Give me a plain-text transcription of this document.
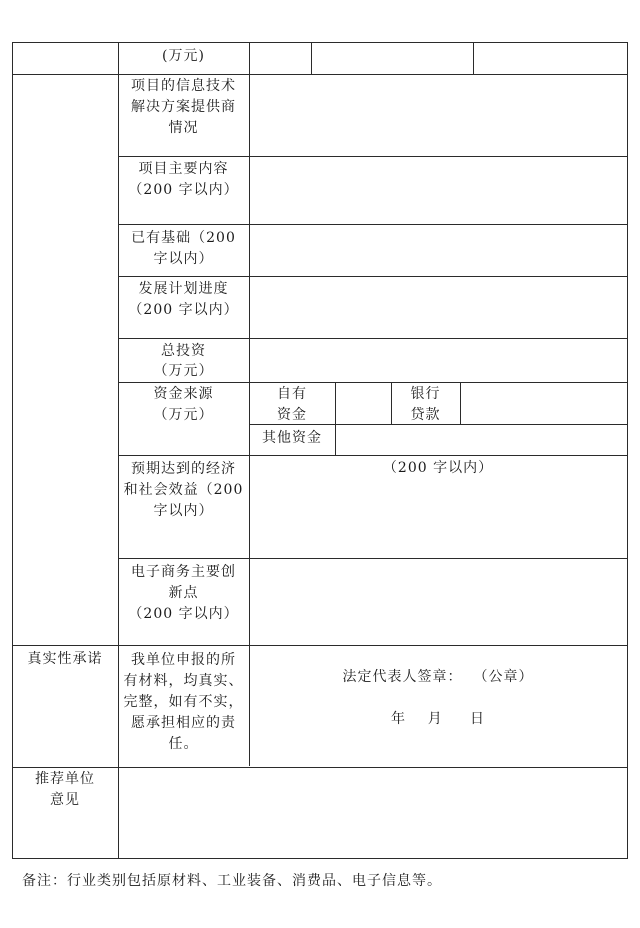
(万元)
项目的信息技术
解决方案提供商
情况
项目主要内容
（200 字以内）
已有基础（200
字以内）
发展计划进度
（200 字以内）
总投资
（万元）
资金来源
（万元）
自有
资金
银行
贷款
其他资金
预期达到的经济
和社会效益（200
字以内）
（200 字以内）
电子商务主要创
新点
（200 字以内）
真实性承诺	我单位申报的所
有材料，均真实、
完整，如有不实，
愿承担相应的责
任。
法定代表人签章：  （公章）
年    月     日
推荐单位
意见
备注：行业类别包括原材料、工业装备、消费品、电子信息等。
